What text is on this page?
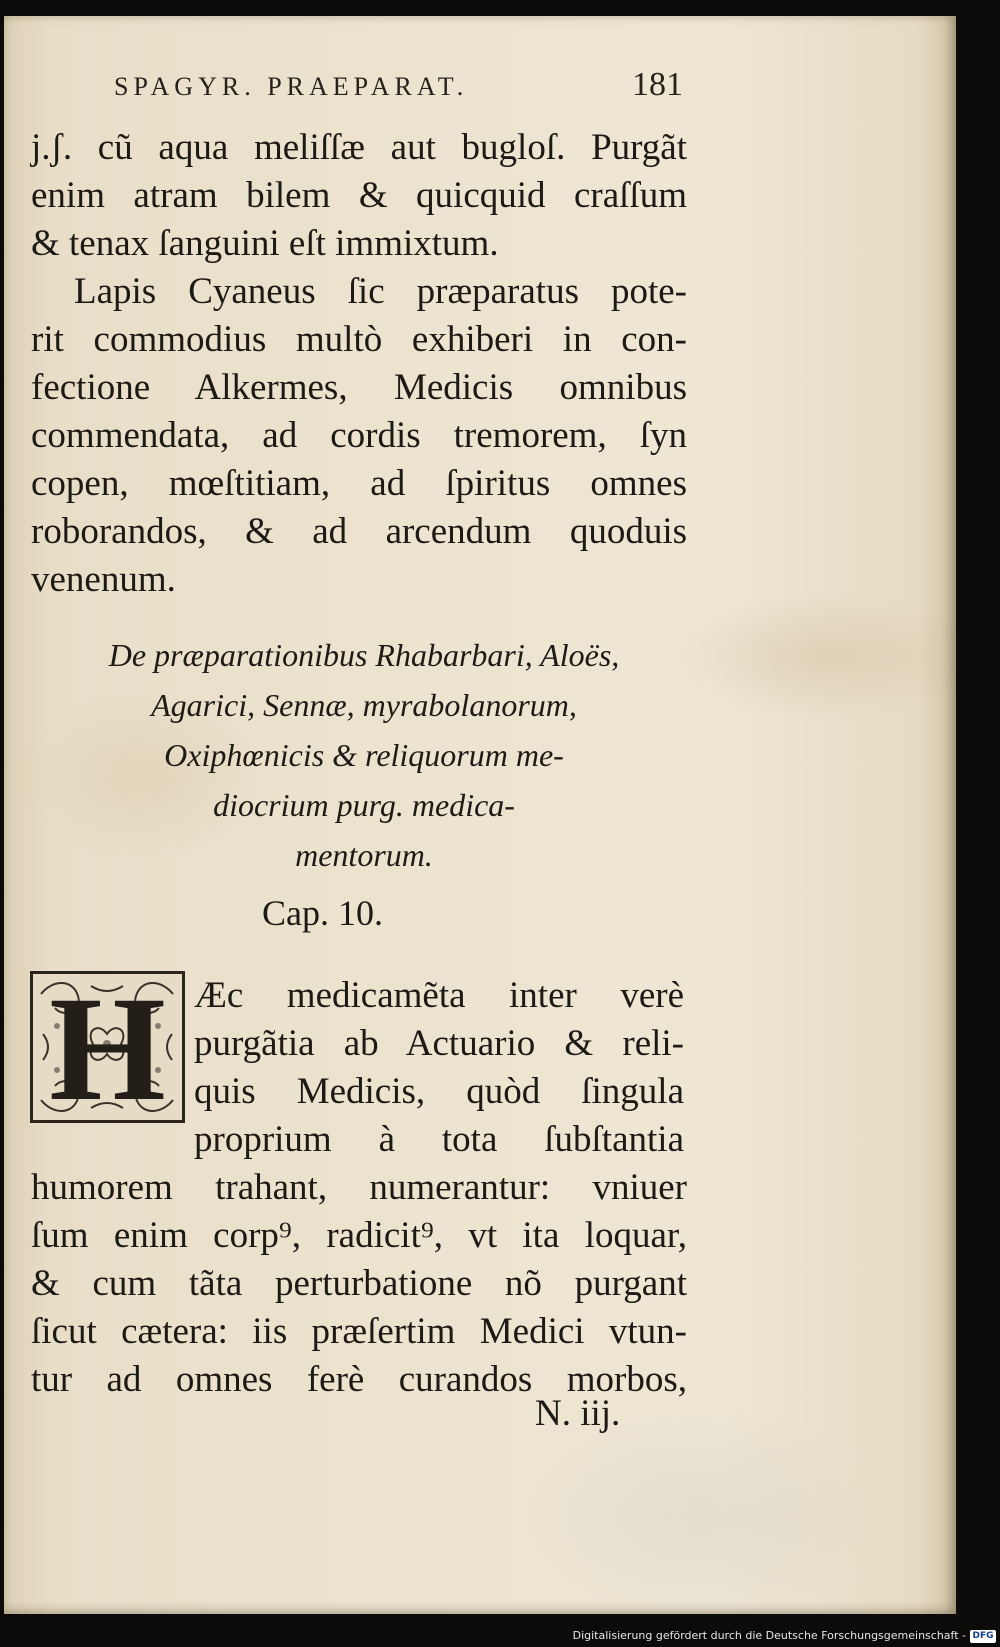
SPAGYR. PRAEPARAT.	181
j.ʃ. cũ aqua meliſſæ aut bugloſ. Purgãt
enim atram bilem & quicquid craſſum
& tenax ſanguini eſt immixtum.
Lapis Cyaneus ſic præparatus pote-
rit commodius multò exhiberi in con-
fectione Alkermes, Medicis omnibus
commendata, ad cordis tremorem, ſyn
copen, mœſtitiam, ad ſpiritus omnes
roborandos, & ad arcendum quoduis
venenum.
De præparationibus Rhabarbari, Aloës,
Agarici, Sennæ, myrabolanorum,
Oxiphœnicis & reliquorum me-
diocrium purg. medica-
mentorum.
Cap. 10.
H Æc medicamẽta inter verè
purgãtia ab Actuario & reli-
quis Medicis, quòd ſingula
proprium à tota ſubſtantia
humorem trahant, numerantur: vniuer
ſum enim corp⁹, radicit⁹, vt ita loquar,
& cum tãta perturbatione nõ purgant
ſicut cætera: iis præſertim Medici vtun-
tur ad omnes ferè curandos morbos,
N. iij.
Digitalisierung gefördert durch die Deutsche Forschungsgemeinschaft - DFG
